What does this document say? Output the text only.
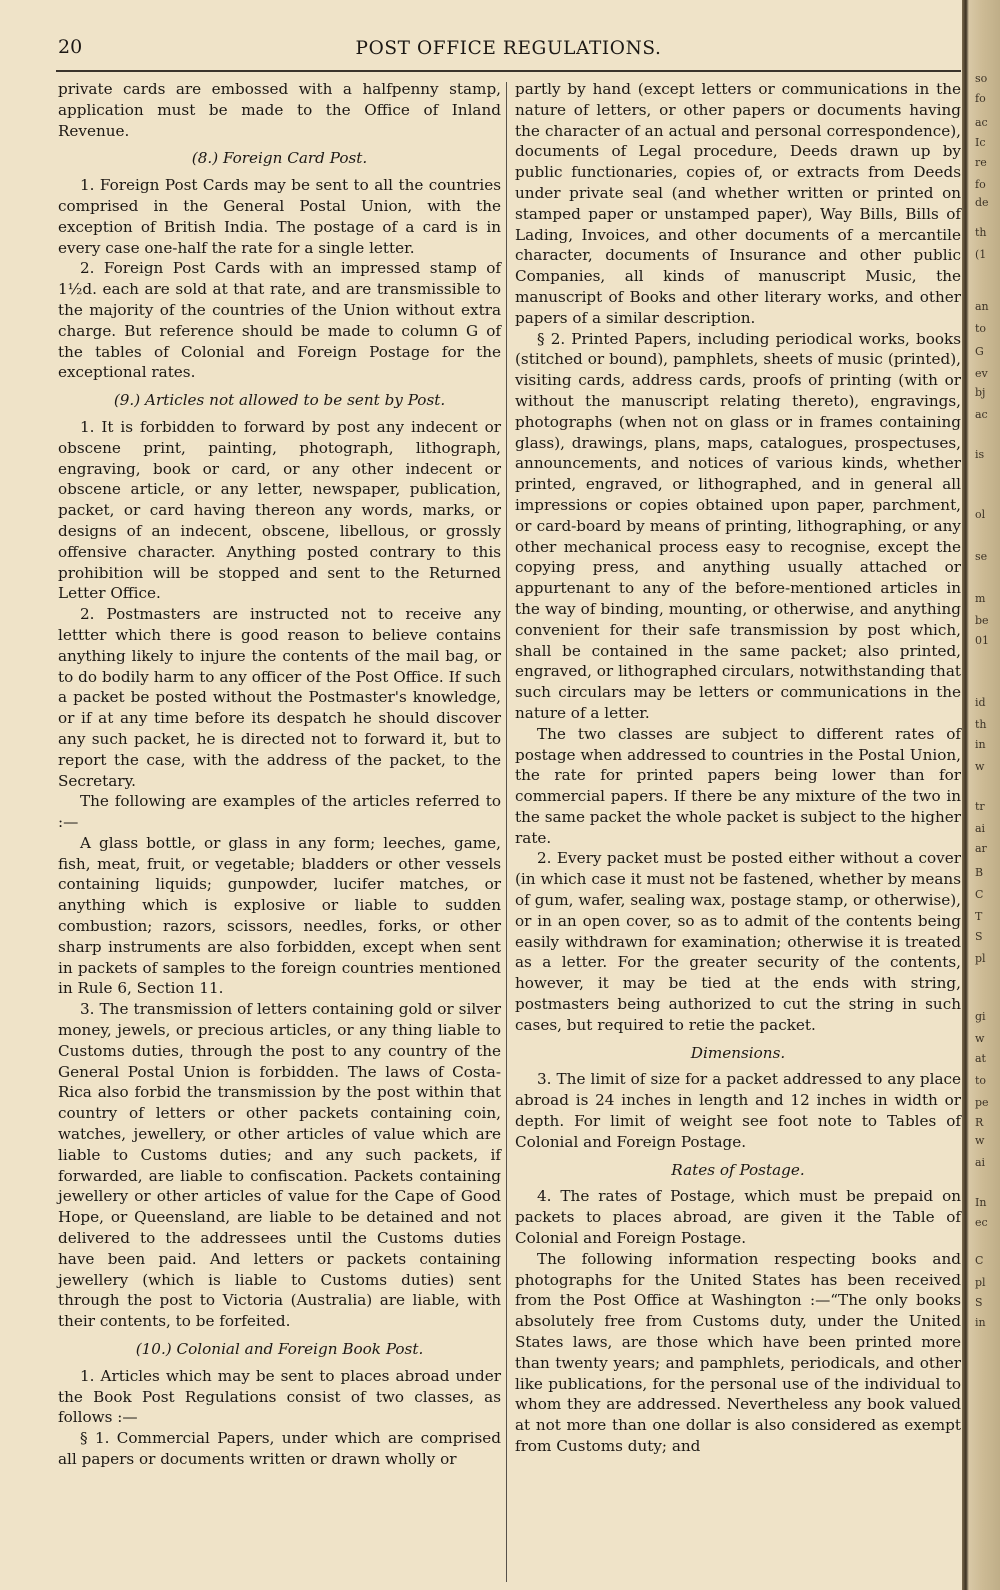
20	POST OFFICE REGULATIONS.

private cards are embossed with a halfpenny stamp, application must be made to the Office of Inland Revenue.

(8.) Foreign Card Post.

1. Foreign Post Cards may be sent to all the countries comprised in the General Postal Union, with the exception of British India. The postage of a card is in every case one-half the rate for a single letter.

2. Foreign Post Cards with an impressed stamp of 1½d. each are sold at that rate, and are transmissible to the majority of the countries of the Union without extra charge. But reference should be made to column G of the tables of Colonial and Foreign Postage for the exceptional rates.

(9.) Articles not allowed to be sent by Post.

1. It is forbidden to forward by post any indecent or obscene print, painting, photograph, lithograph, engraving, book or card, or any other indecent or obscene article, or any letter, newspaper, publication, packet, or card having thereon any words, marks, or designs of an indecent, obscene, libellous, or grossly offensive character. Anything posted contrary to this prohibition will be stopped and sent to the Returned Letter Office.

2. Postmasters are instructed not to receive any lettter which there is good reason to believe contains anything likely to injure the contents of the mail bag, or to do bodily harm to any officer of the Post Office. If such a packet be posted without the Postmaster's knowledge, or if at any time before its despatch he should discover any such packet, he is directed not to forward it, but to report the case, with the address of the packet, to the Secretary.

The following are examples of the articles referred to :—

A glass bottle, or glass in any form; leeches, game, fish, meat, fruit, or vegetable; bladders or other vessels containing liquids; gunpowder, lucifer matches, or anything which is explosive or liable to sudden combustion; razors, scissors, needles, forks, or other sharp instruments are also forbidden, except when sent in packets of samples to the foreign countries mentioned in Rule 6, Section 11.

3. The transmission of letters containing gold or silver money, jewels, or precious articles, or any thing liable to Customs duties, through the post to any country of the General Postal Union is forbidden. The laws of Costa-Rica also forbid the transmission by the post within that country of letters or other packets containing coin, watches, jewellery, or other articles of value which are liable to Customs duties; and any such packets, if forwarded, are liable to confiscation. Packets containing jewellery or other articles of value for the Cape of Good Hope, or Queensland, are liable to be detained and not delivered to the addressees until the Customs duties have been paid. And letters or packets containing jewellery (which is liable to Customs duties) sent through the post to Victoria (Australia) are liable, with their contents, to be forfeited.

(10.) Colonial and Foreign Book Post.

1. Articles which may be sent to places abroad under the Book Post Regulations consist of two classes, as follows :—

§ 1. Commercial Papers, under which are comprised all papers or documents written or drawn wholly or

partly by hand (except letters or communications in the nature of letters, or other papers or documents having the character of an actual and personal correspondence), documents of Legal procedure, Deeds drawn up by public functionaries, copies of, or extracts from Deeds under private seal (and whether written or printed on stamped paper or unstamped paper), Way Bills, Bills of Lading, Invoices, and other documents of a mercantile character, documents of Insurance and other public Companies, all kinds of manuscript Music, the manuscript of Books and other literary works, and other papers of a similar description.

§ 2. Printed Papers, including periodical works, books (stitched or bound), pamphlets, sheets of music (printed), visiting cards, address cards, proofs of printing (with or without the manuscript relating thereto), engravings, photographs (when not on glass or in frames containing glass), drawings, plans, maps, catalogues, prospectuses, announcements, and notices of various kinds, whether printed, engraved, or lithographed, and in general all impressions or copies obtained upon paper, parchment, or card-board by means of printing, lithographing, or any other mechanical process easy to recognise, except the copying press, and anything usually attached or appurtenant to any of the before-mentioned articles in the way of binding, mounting, or otherwise, and anything convenient for their safe transmission by post which, shall be contained in the same packet; also printed, engraved, or lithographed circulars, notwithstanding that such circulars may be letters or communications in the nature of a letter.

The two classes are subject to different rates of postage when addressed to countries in the Postal Union, the rate for printed papers being lower than for commercial papers. If there be any mixture of the two in the same packet the whole packet is subject to the higher rate.

2. Every packet must be posted either without a cover (in which case it must not be fastened, whether by means of gum, wafer, sealing wax, postage stamp, or otherwise), or in an open cover, so as to admit of the contents being easily withdrawn for examination; otherwise it is treated as a letter. For the greater security of the contents, however, it may be tied at the ends with string, postmasters being authorized to cut the string in such cases, but required to retie the packet.

Dimensions.

3. The limit of size for a packet addressed to any place abroad is 24 inches in length and 12 inches in width or depth. For limit of weight see foot note to Tables of Colonial and Foreign Postage.

Rates of Postage.

4. The rates of Postage, which must be prepaid on packets to places abroad, are given it the Table of Colonial and Foreign Postage.

The following information respecting books and photographs for the United States has been received from the Post Office at Washington :—“The only books absolutely free from Customs duty, under the United States laws, are those which have been printed more than twenty years; and pamphlets, periodicals, and other like publications, for the personal use of the individual to whom they are addressed. Nevertheless any book valued at not more than one dollar is also considered as exempt from Customs duty; and

so
fo
ac
Ic
re
fo
de
th
(1
an
to
G
ev
bj
ac
is
ol
se
m
be
01
id
th
in
w
tr
ai
ar
B
C
T
S
pl
gi
w
at
to
pe
R
w
ai
In
ec
C
pl
S
in
